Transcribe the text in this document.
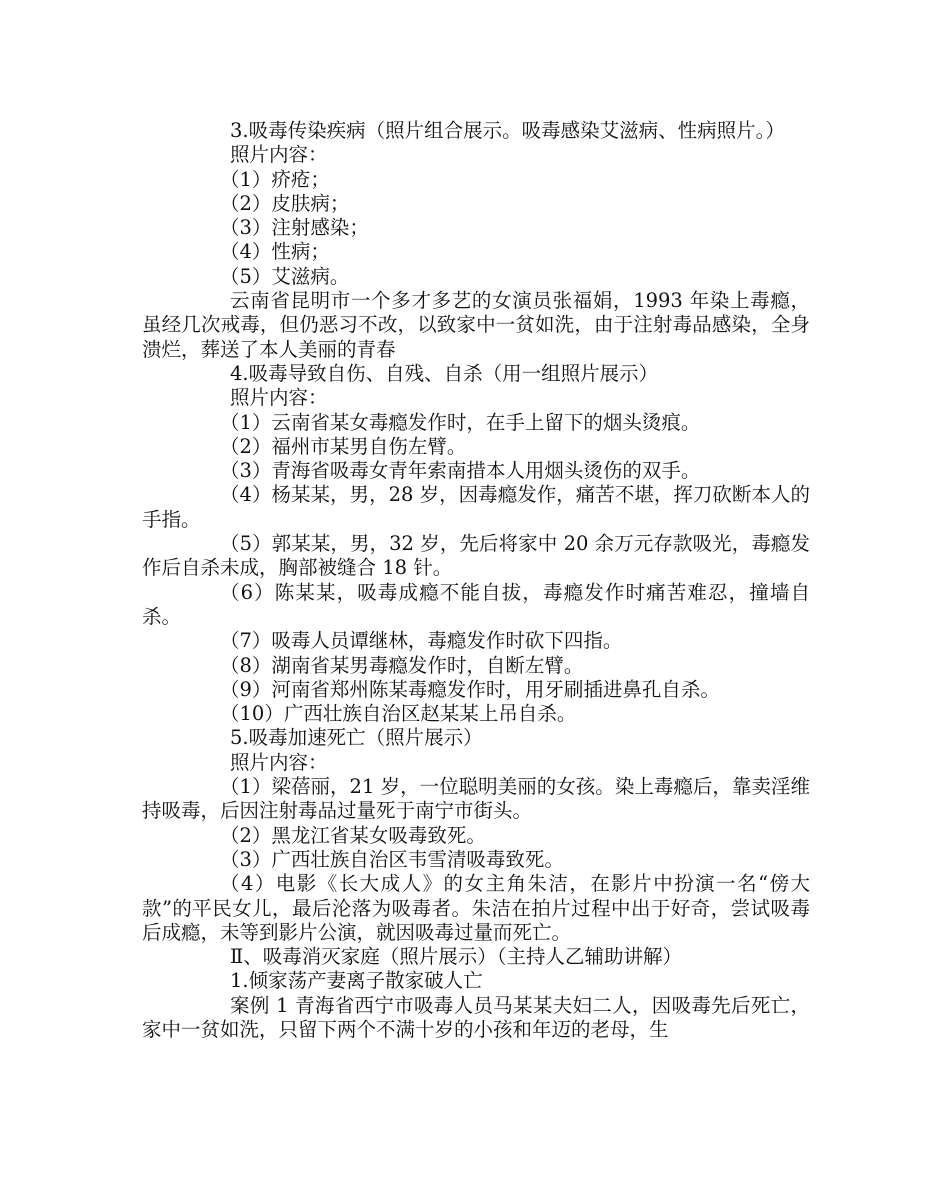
3.吸毒传染疾病（照片组合展示。吸毒感染艾滋病、性病照片。）

照片内容：

（1）疥疮；

（2）皮肤病；

（3）注射感染；

（4）性病；

（5）艾滋病。

云南省昆明市一个多才多艺的女演员张福娟，1993 年染上毒瘾，虽经几次戒毒，但仍恶习不改，以致家中一贫如洗，由于注射毒品感染，全身溃烂，葬送了本人美丽的青春

4.吸毒导致自伤、自残、自杀（用一组照片展示）

照片内容：

（1）云南省某女毒瘾发作时，在手上留下的烟头烫痕。

（2）福州市某男自伤左臂。

（3）青海省吸毒女青年索南措本人用烟头烫伤的双手。

（4）杨某某，男，28 岁，因毒瘾发作，痛苦不堪，挥刀砍断本人的手指。

（5）郭某某，男，32 岁，先后将家中 20 余万元存款吸光，毒瘾发作后自杀未成，胸部被缝合 18 针。

（6）陈某某，吸毒成瘾不能自拔，毒瘾发作时痛苦难忍，撞墙自杀。

（7）吸毒人员谭继林，毒瘾发作时砍下四指。

（8）湖南省某男毒瘾发作时，自断左臂。

（9）河南省郑州陈某毒瘾发作时，用牙刷插进鼻孔自杀。

（10）广西壮族自治区赵某某上吊自杀。

5.吸毒加速死亡（照片展示）

照片内容：

（1）梁蓓丽，21 岁，一位聪明美丽的女孩。染上毒瘾后，靠卖淫维持吸毒，后因注射毒品过量死于南宁市街头。

（2）黑龙江省某女吸毒致死。

（3）广西壮族自治区韦雪清吸毒致死。

（4）电影《长大成人》的女主角朱洁，在影片中扮演一名“傍大款”的平民女儿，最后沦落为吸毒者。朱洁在拍片过程中出于好奇，尝试吸毒后成瘾，未等到影片公演，就因吸毒过量而死亡。

Ⅱ、吸毒消灭家庭（照片展示）（主持人乙辅助讲解）

1.倾家荡产妻离子散家破人亡

案例 1 青海省西宁市吸毒人员马某某夫妇二人，因吸毒先后死亡，家中一贫如洗，只留下两个不满十岁的小孩和年迈的老母，生
